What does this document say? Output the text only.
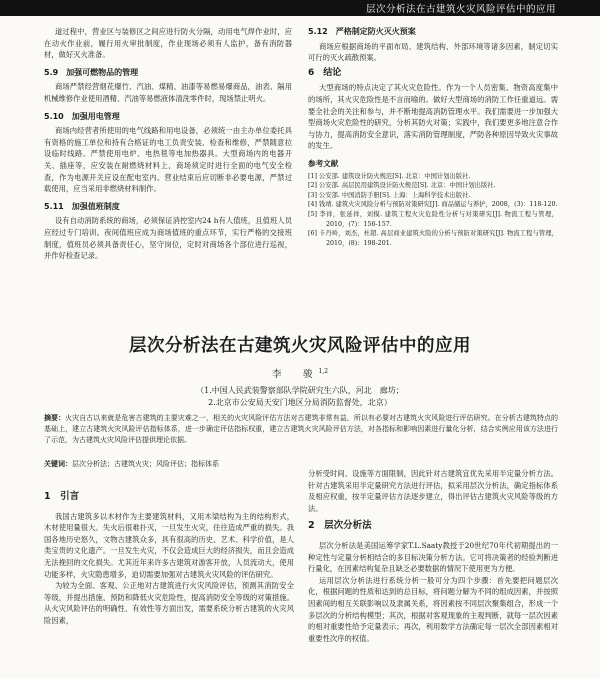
层次分析法在古建筑火灾风险评估中的应用

道过程中，营业区与装修区之间应进行防火分隔，动用电气焊作业时，应在动火作业前，履行用火审批制度，作业现场必须有人监护，备有消防器材，做好灭火准备。

5.9　加强可燃物品的管理

商场严禁经营烟花爆竹、汽油、煤精、油漆等易燃易爆商品，油表、隔用机械维修作业使用酒精、汽油等易燃液体清洗零件时，现场禁止明火。

5.10　加强用电管理

商场内经营者所使用的电气线路和用电设备，必须统一由主办单位委托具有资格的施工单位和持有合格证的电工负责安装、检查和维修，严禁随意拉设临时线路。严禁使用电炉、电热毯等电加热器具。大型商场内的电器开关、插座等，应安装在耐燃烧材料上，商场须定时进行全面的电气安全检查，作为电源开关应设在配电室内。营业结束后应切断非必要电源，严禁过载使用，应当采用非燃烧材料制作。

5.11　加强值班制度

设有自动消防系统的商场，必须保证消控室内24 h有人值班，且值班人员应经过专门培训。夜间值班应成为商场值班的重点环节，实行严格的交接班制度，值班员必须具备责任心，坚守岗位，定时对商场各个部位进行巡视，并作好检查记录。

5.12　严格制定防火灭火预案

商场应根据商场的平面布局、建筑结构、外部环境等诸多因素，制定切实可行的灭火疏散预案。

6　结论

大型商场的特点决定了其火灾危险性。作为一个人员密集、物资高度集中的场所，其火灾危险性是不言而喻的。做好大型商场的消防工作任重道远。需要全社会的关注和参与，并不断地提高消防管理水平。我们需要进一步加强大型商场火灾危险性的研究，分析其防火对策；实践中，我们要更多地注意合作与协力，提高消防安全意识，落实消防管理制度，严防各种原因导致火灾事故的发生。

参考文献
[1] 公安部. 建筑设计防火规范[S]. 北京：中国计划出版社.
[2] 公安部. 高层民用建筑设计防火规范[S]. 北京：中国计划出版社.
[3] 公安部. 中国消防手册[S]. 上海：上海科学技术出版社.
[4] 钱靖. 建筑火灾风险分析与预防对策研究[J]. 商品储运与养护，2008，(3)：118-120.
[5] 李祥，张延祥，刘模. 建筑工程火灾危险性分析与对策研究[J]. 物流工程与管理，2010，(7)：156-157.
[6] 卡丹岭，刘杰，杜超. 高层商业建筑火险的分析与预防对策研究[J]. 物流工程与管理，2010，(8)：198-201.
层次分析法在古建筑火灾风险评估中的应用
李　骏$^{1,2}$
（1.中国人民武装警察部队学院研究生六队，河北　廊坊；
2.北京市公安局天安门地区分局消防监督处，北京）
摘要：火灾自古以来就是危害古建筑的主要灾难之一，相关的火灾风险评估方法对古建筑非常有益，所以有必要对古建筑火灾风险进行评估研究。在分析古建筑特点的基础上，建立古建筑火灾风险评估指标体系，进一步确定评估指标权重，建立古建筑火灾风险评估方法，对各指标和影响因素进行量化分析，结合实例应用该方法进行了示范，为古建筑火灾风险评估提供理论依据。
关键词：层次分析法；古建筑火灾；风险评估；指标体系
1　引言

我国古建筑多以木材作为主要建筑材料，又用木梁结构为主的结构形式，木材使用量很大。失火后很难扑灭，一旦发生火灾，往往造成严重的损失。我国各地历史悠久，文物古建筑众多，具有很高的历史、艺术、科学价值，是人类宝贵的文化遗产。一旦发生火灾，不仅会造成巨大的经济损失，而且会造成无法挽回的文化损失。尤其近年来许多古建筑对游客开放，人员流动大，使用功能多样，火灾隐患增多，迫切需要加强对古建筑火灾风险的评估研究。

为较为全面、客观、公正地对古建筑进行火灾风险评估，预测其消防安全等级，并提出措施、预防和降低火灾危险性，提高消防安全等级的对策措施。从火灾风险评估的明确性、有效性等方面出发，需要系统分析古建筑的火灾风险因素，

分析受时间、设施等方面限制，因此针对古建筑宜优先采用半定量分析方法。针对古建筑采用半定量研究方法进行评估，拟采用层次分析法，确定指标体系及相应权重，按半定量评估方法逐步建立，得出评估古建筑火灾风险等级的方法。

2　层次分析法

层次分析法是美国运筹学家T.L.Saaty教授于20世纪70年代初期提出的一种定性与定量分析相结合的多目标决策分析方法。它可将决策者的经验判断进行量化，在因素结构复杂且缺乏必要数据的情况下使用更为方便。

运用层次分析法进行系统分析一般可分为四个步骤：首先要把问题层次化，根据问题的性质和达到的总目标，将问题分解为不同的组成因素，并按照因素间的相互关联影响以及隶属关系，将因素按不同层次聚集组合，形成一个多层次的分析结构模型；其次，根据对客观现象的主观判断，就每一层次因素的相对重要性给予定量表示；再次，利用数学方法确定每一层次全部因素相对重要性次序的权值。
